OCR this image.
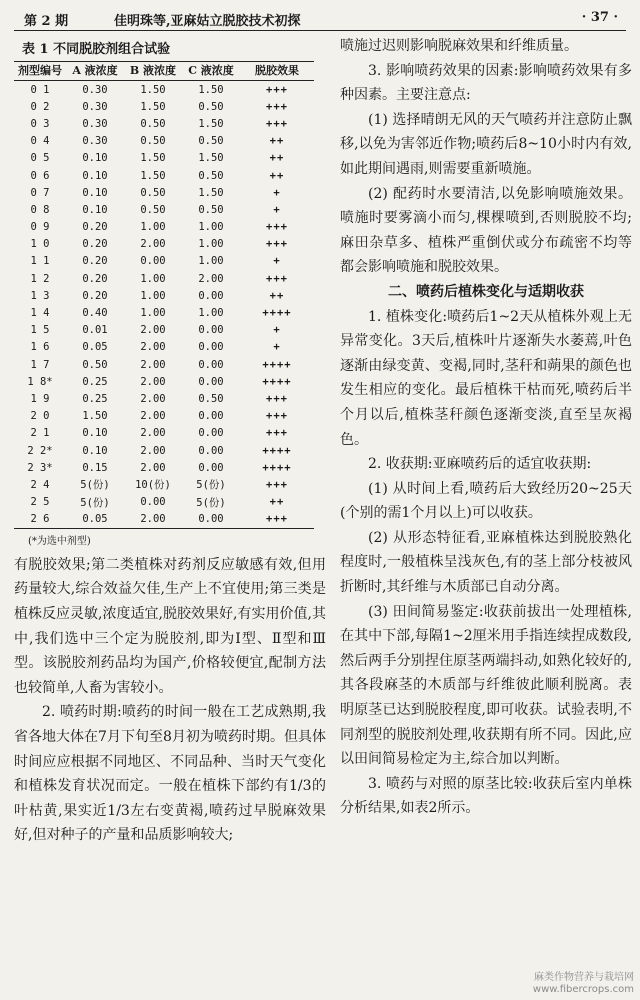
第 2 期	佳明珠等,亚麻姑立脱胶技术初探	· 37 ·
表 1 不同脱胶剂组合试验
剂型编号	A 液浓度	B 液浓度	C 液浓度	脱胶效果
0 1	0.30	1.50	1.50	+++
0 2	0.30	1.50	0.50	+++
0 3	0.30	0.50	1.50	+++
0 4	0.30	0.50	0.50	++
0 5	0.10	1.50	1.50	++
0 6	0.10	1.50	0.50	++
0 7	0.10	0.50	1.50	+
0 8	0.10	0.50	0.50	+
0 9	0.20	1.00	1.00	+++
1 0	0.20	2.00	1.00	+++
1 1	0.20	0.00	1.00	+
1 2	0.20	1.00	2.00	+++
1 3	0.20	1.00	0.00	++
1 4	0.40	1.00	1.00	++++
1 5	0.01	2.00	0.00	+
1 6	0.05	2.00	0.00	+
1 7	0.50	2.00	0.00	++++
1 8*	0.25	2.00	0.00	++++
1 9	0.25	2.00	0.50	+++
2 0	1.50	2.00	0.00	+++
2 1	0.10	2.00	0.00	+++
2 2*	0.10	2.00	0.00	++++
2 3*	0.15	2.00	0.00	++++
2 4	5(份)	10(份)	5(份)	+++
2 5	5(份)	0.00	5(份)	++
2 6	0.05	2.00	0.00	+++
(*为选中剂型)

有脱胶效果;第二类植株对药剂反应敏感有效,但用药量较大,综合效益欠佳,生产上不宜使用;第三类是植株反应灵敏,浓度适宜,脱胶效果好,有实用价值,其中,我们选中三个定为脱胶剂,即为Ⅰ型、Ⅱ型和Ⅲ型。该脱胶剂药品均为国产,价格较便宜,配制方法也较简单,人畜为害较小。

2. 喷药时期:喷药的时间一般在工艺成熟期,我省各地大体在7月下旬至8月初为喷药时期。但具体时间应应根据不同地区、不同品种、当时天气变化和植株发育状况而定。一般在植株下部约有1/3的叶枯黄,果实近1/3左右变黄褐,喷药过早脱麻效果好,但对种子的产量和品质影响较大;

喷施过迟则影响脱麻效果和纤维质量。

3. 影响喷药效果的因素:影响喷药效果有多种因素。主要注意点:

(1) 选择晴朗无风的天气喷药并注意防止飘移,以免为害邻近作物;喷药后8~10小时内有效,如此期间遇雨,则需要重新喷施。

(2) 配药时水要清洁,以免影响喷施效果。喷施时要雾滴小而匀,棵棵喷到,否则脱胶不均;麻田杂草多、植株严重倒伏或分布疏密不均等都会影响喷施和脱胶效果。

二、喷药后植株变化与适期收获

1. 植株变化:喷药后1~2天从植株外观上无异常变化。3天后,植株叶片逐渐失水萎蔫,叶色逐渐由绿变黄、变褐,同时,茎秆和蒴果的颜色也发生相应的变化。最后植株干枯而死,喷药后半个月以后,植株茎秆颜色逐渐变淡,直至呈灰褐色。

2. 收获期:亚麻喷药后的适宜收获期:

(1) 从时间上看,喷药后大致经历20~25天(个别的需1个月以上)可以收获。

(2) 从形态特征看,亚麻植株达到脱胶熟化程度时,一般植株呈浅灰色,有的茎上部分枝被风折断时,其纤维与木质部已自动分离。

(3) 田间简易鉴定:收获前拔出一处理植株,在其中下部,每隔1~2厘米用手指连续捏成数段,然后两手分别捏住原茎两端抖动,如熟化较好的,其各段麻茎的木质部与纤维彼此顺利脱离。表明原茎已达到脱胶程度,即可收获。试验表明,不同剂型的脱胶剂处理,收获期有所不同。因此,应以田间简易检定为主,综合加以判断。

3. 喷药与对照的原茎比较:收获后室内单株分析结果,如表2所示。

麻类作物营养与栽培网
www.fibercrops.com
